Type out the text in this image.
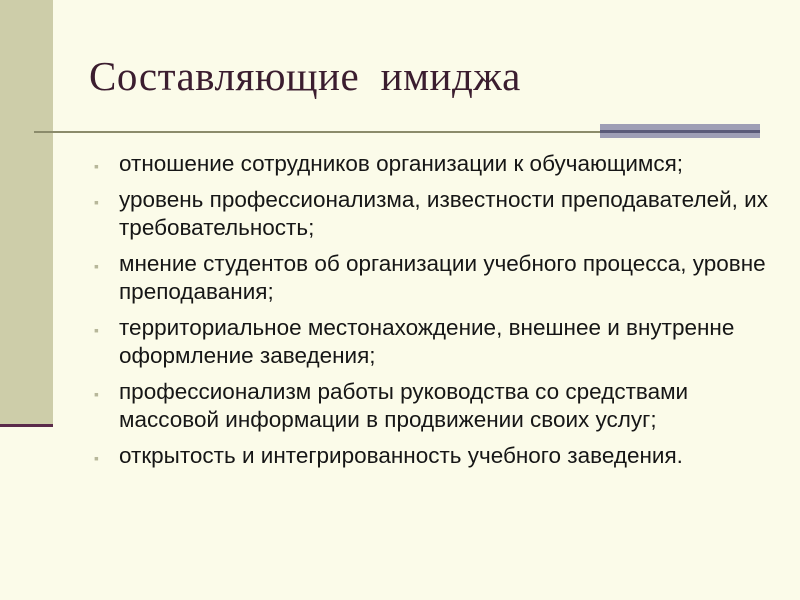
Составляющие  имиджа
▪ отношение сотрудников организации к обучающимся;
▪ уровень профессионализма, известности преподавателей, их требовательность;
▪ мнение студентов об организации учебного процесса, уровне преподавания;
▪ территориальное местонахождение, внешнее и внутренне оформление заведения;
▪ профессионализм работы руководства со средствами массовой информации в продвижении своих услуг;
▪ открытость и интегрированность учебного заведения.
